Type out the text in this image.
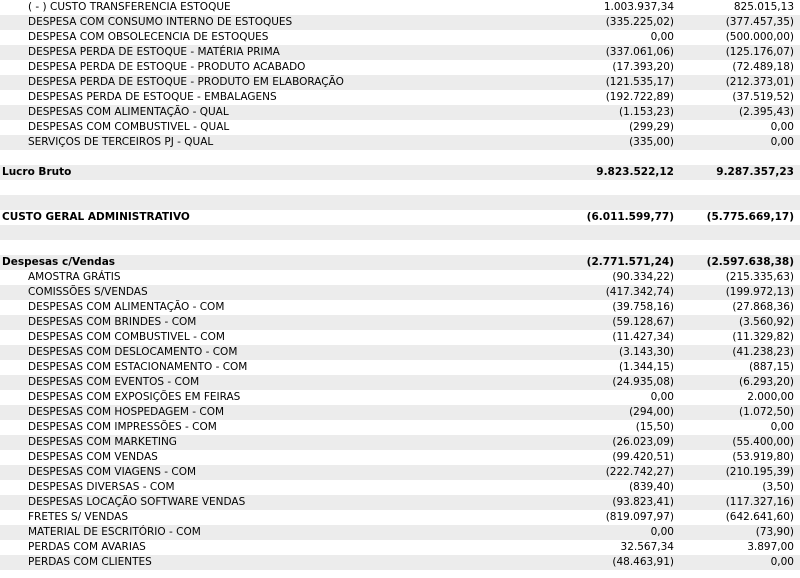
( - ) CUSTO TRANSFERENCIA ESTOQUE	1.003.937,34	825.015,13
DESPESA COM CONSUMO INTERNO DE ESTOQUES	(335.225,02)	(377.457,35)
DESPESA COM OBSOLECENCIA DE ESTOQUES	0,00	(500.000,00)
DESPESA PERDA DE ESTOQUE - MATÉRIA PRIMA	(337.061,06)	(125.176,07)
DESPESA PERDA DE ESTOQUE - PRODUTO ACABADO	(17.393,20)	(72.489,18)
DESPESA PERDA DE ESTOQUE - PRODUTO EM ELABORAÇÃO	(121.535,17)	(212.373,01)
DESPESAS PERDA DE ESTOQUE - EMBALAGENS	(192.722,89)	(37.519,52)
DESPESAS COM ALIMENTAÇÃO - QUAL	(1.153,23)	(2.395,43)
DESPESAS COM COMBUSTIVEL - QUAL	(299,29)	0,00
SERVIÇOS DE TERCEIROS PJ - QUAL	(335,00)	0,00
Lucro Bruto	9.823.522,12	9.287.357,23
CUSTO GERAL ADMINISTRATIVO	(6.011.599,77)	(5.775.669,17)
Despesas c/Vendas	(2.771.571,24)	(2.597.638,38)
AMOSTRA GRÁTIS	(90.334,22)	(215.335,63)
COMISSÕES S/VENDAS	(417.342,74)	(199.972,13)
DESPESAS COM ALIMENTAÇÃO - COM	(39.758,16)	(27.868,36)
DESPESAS COM BRINDES - COM	(59.128,67)	(3.560,92)
DESPESAS COM COMBUSTIVEL - COM	(11.427,34)	(11.329,82)
DESPESAS COM DESLOCAMENTO - COM	(3.143,30)	(41.238,23)
DESPESAS COM ESTACIONAMENTO - COM	(1.344,15)	(887,15)
DESPESAS COM EVENTOS - COM	(24.935,08)	(6.293,20)
DESPESAS COM EXPOSIÇÕES EM FEIRAS	0,00	2.000,00
DESPESAS COM HOSPEDAGEM - COM	(294,00)	(1.072,50)
DESPESAS COM IMPRESSÕES - COM	(15,50)	0,00
DESPESAS COM MARKETING	(26.023,09)	(55.400,00)
DESPESAS COM VENDAS	(99.420,51)	(53.919,80)
DESPESAS COM VIAGENS - COM	(222.742,27)	(210.195,39)
DESPESAS DIVERSAS - COM	(839,40)	(3,50)
DESPESAS LOCAÇÃO SOFTWARE VENDAS	(93.823,41)	(117.327,16)
FRETES S/ VENDAS	(819.097,97)	(642.641,60)
MATERIAL DE ESCRITÓRIO - COM	0,00	(73,90)
PERDAS COM AVARIAS	32.567,34	3.897,00
PERDAS COM CLIENTES	(48.463,91)	0,00
